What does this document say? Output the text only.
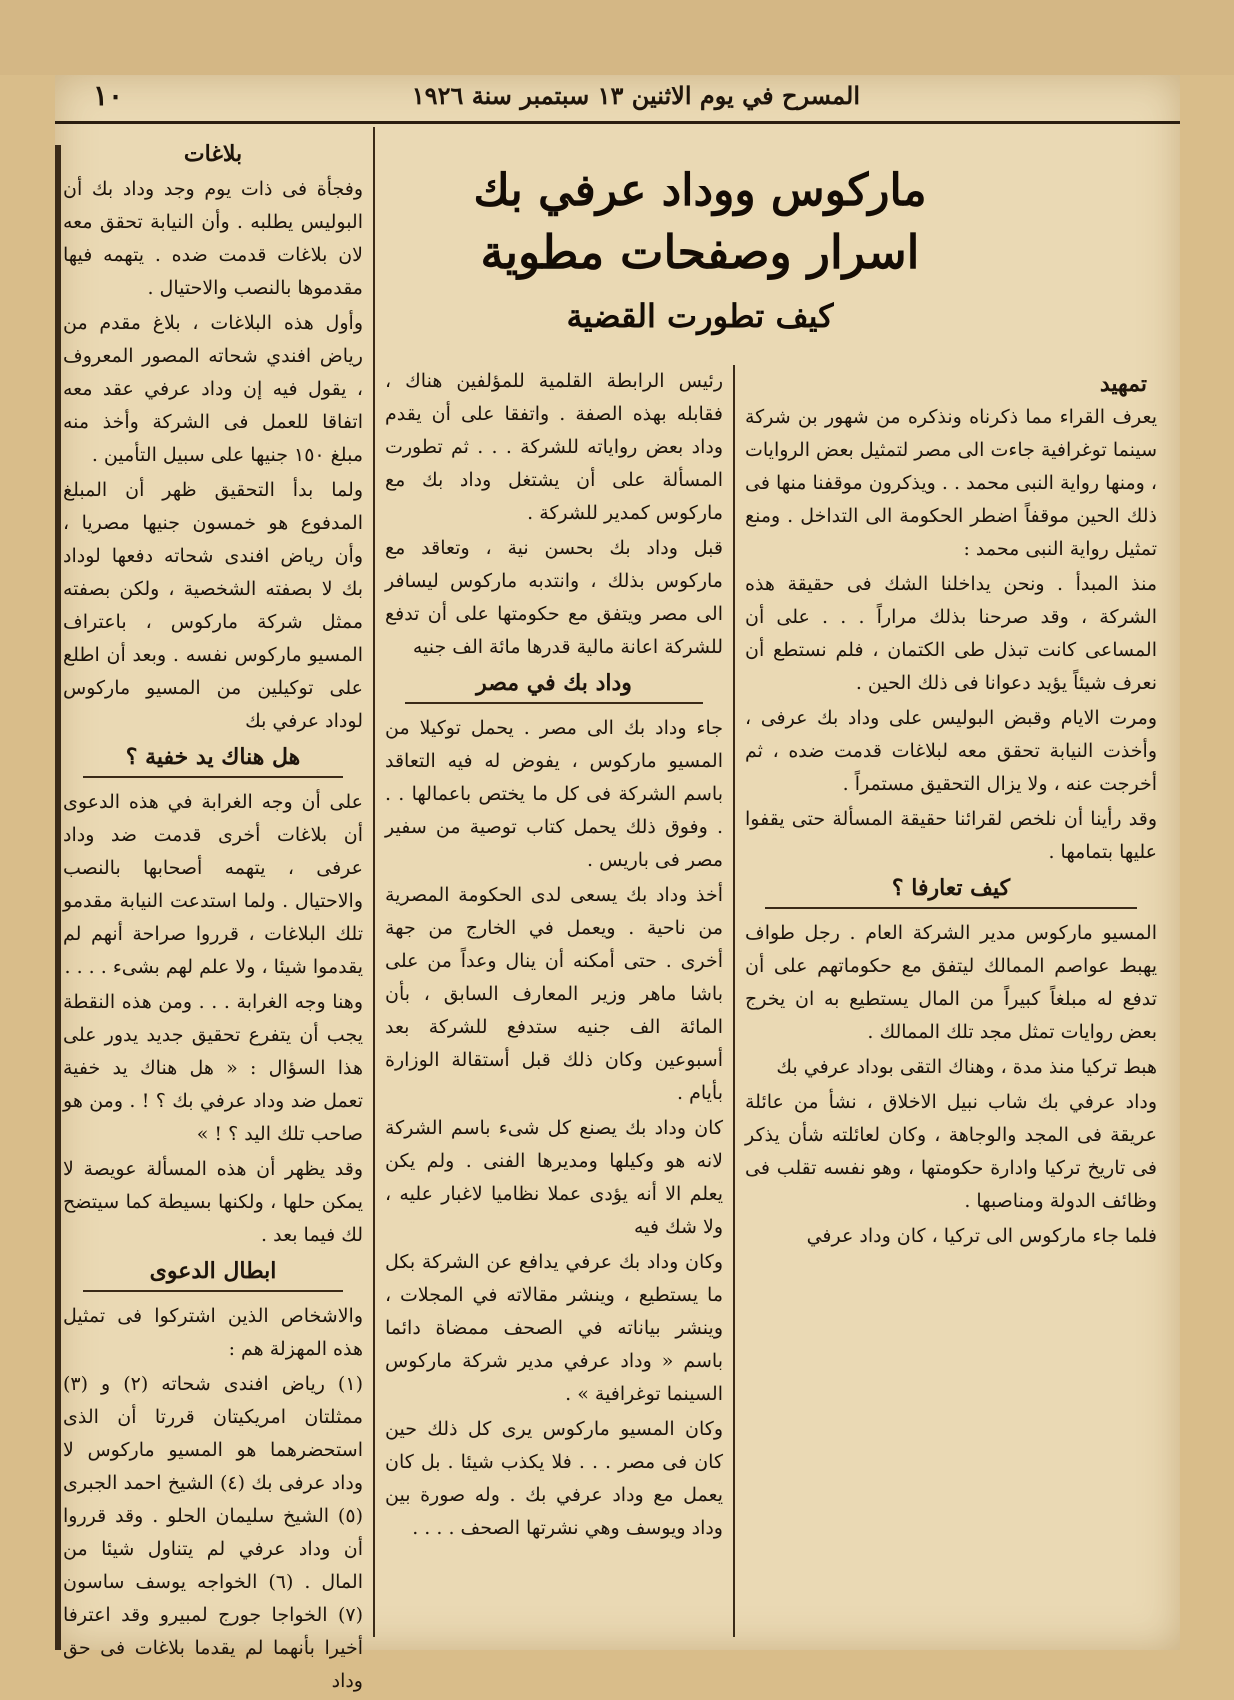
المسرح في يوم الاثنين ١٣ سبتمبر سنة ١٩٢٦
١٠
ماركوس ووداد عرفي بك
اسرار وصفحات مطوية
كيف تطورت القضية
تمهيد

يعرف القراء مما ذكرناه ونذكره من شهور بن شركة سينما توغرافية جاءت الى مصر لتمثيل بعض الروايات ، ومنها رواية النبى محمد . . ويذكرون موقفنا منها فى ذلك الحين موقفاً اضطر الحكومة الى التداخل . ومنع تمثيل رواية النبى محمد :

منذ المبدأ . ونحن يداخلنا الشك فى حقيقة هذه الشركة ، وقد صرحنا بذلك مراراً . . . على أن المساعى كانت تبذل طى الكتمان ، فلم نستطع أن نعرف شيئاً يؤيد دعوانا فى ذلك الحين .

ومرت الايام وقبض البوليس على وداد بك عرفى ، وأخذت النيابة تحقق معه لبلاغات قدمت ضده ، ثم أخرجت عنه ، ولا يزال التحقيق مستمراً .

وقد رأينا أن نلخص لقرائنا حقيقة المسألة حتى يقفوا عليها بتمامها .

كيف تعارفا ؟

المسيو ماركوس مدير الشركة العام . رجل طواف يهبط عواصم الممالك ليتفق مع حكوماتهم على أن تدفع له مبلغاً كبيراً من المال يستطيع به ان يخرج بعض روايات تمثل مجد تلك الممالك .

هبط تركيا منذ مدة ، وهناك التقى بوداد عرفي بك

وداد عرفي بك شاب نبيل الاخلاق ، نشأ من عائلة عريقة فى المجد والوجاهة ، وكان لعائلته شأن يذكر فى تاريخ تركيا وادارة حكومتها ، وهو نفسه تقلب فى وظائف الدولة ومناصبها .

فلما جاء ماركوس الى تركيا ، كان وداد عرفي

رئيس الرابطة القلمية للمؤلفين هناك ، فقابله بهذه الصفة . واتفقا على أن يقدم وداد بعض رواياته للشركة . . . ثم تطورت المسألة على أن يشتغل وداد بك مع ماركوس كمدير للشركة .

قبل وداد بك بحسن نية ، وتعاقد مع ماركوس بذلك ، وانتدبه ماركوس ليسافر الى مصر ويتفق مع حكومتها على أن تدفع للشركة اعانة مالية قدرها مائة الف جنيه

وداد بك في مصر

جاء وداد بك الى مصر . يحمل توكيلا من المسيو ماركوس ، يفوض له فيه التعاقد باسم الشركة فى كل ما يختص باعمالها . . . وفوق ذلك يحمل كتاب توصية من سفير مصر فى باريس .

أخذ وداد بك يسعى لدى الحكومة المصرية من ناحية . ويعمل في الخارج من جهة أخرى . حتى أمكنه أن ينال وعداً من على باشا ماهر وزير المعارف السابق ، بأن المائة الف جنيه ستدفع للشركة بعد أسبوعين وكان ذلك قبل أستقالة الوزارة بأيام .

كان وداد بك يصنع كل شىء باسم الشركة لانه هو وكيلها ومديرها الفنى . ولم يكن يعلم الا أنه يؤدى عملا نظاميا لاغبار عليه ، ولا شك فيه

وكان وداد بك عرفي يدافع عن الشركة بكل ما يستطيع ، وينشر مقالاته في المجلات ، وينشر بياناته في الصحف ممضاة دائما باسم « وداد عرفي مدير شركة ماركوس السينما توغرافية » .

وكان المسيو ماركوس يرى كل ذلك حين كان فى مصر . . . فلا يكذب شيئا . بل كان يعمل مع وداد عرفي بك . وله صورة بين وداد ويوسف وهي نشرتها الصحف . . . .

بلاغات

وفجأة فى ذات يوم وجد وداد بك أن البوليس يطلبه . وأن النيابة تحقق معه لان بلاغات قدمت ضده . يتهمه فيها مقدموها بالنصب والاحتيال .

وأول هذه البلاغات ، بلاغ مقدم من رياض افندي شحاته المصور المعروف ، يقول فيه إن وداد عرفي عقد معه اتفاقا للعمل فى الشركة وأخذ منه مبلغ ١٥٠ جنيها على سبيل التأمين .

ولما بدأ التحقيق ظهر أن المبلغ المدفوع هو خمسون جنيها مصريا ، وأن رياض افندى شحاته دفعها لوداد بك لا بصفته الشخصية ، ولكن بصفته ممثل شركة ماركوس ، باعتراف المسيو ماركوس نفسه . وبعد أن اطلع على توكيلين من المسيو ماركوس لوداد عرفي بك

هل هناك يد خفية ؟

على أن وجه الغرابة في هذه الدعوى أن بلاغات أخرى قدمت ضد وداد عرفى ، يتهمه أصحابها بالنصب والاحتيال . ولما استدعت النيابة مقدمو تلك البلاغات ، قرروا صراحة أنهم لم يقدموا شيئا ، ولا علم لهم بشىء . . . .

وهنا وجه الغرابة . . . ومن هذه النقطة يجب أن يتفرع تحقيق جديد يدور على هذا السؤال : « هل هناك يد خفية تعمل ضد وداد عرفي بك ؟ ! . ومن هو صاحب تلك اليد ؟ ! »

وقد يظهر أن هذه المسألة عويصة لا يمكن حلها ، ولكنها بسيطة كما سيتضح لك فيما بعد .

ابطال الدعوى

والاشخاص الذين اشتركوا فى تمثيل هذه المهزلة هم :

(١) رياض افندى شحاته (٢) و (٣) ممثلتان امريكيتان قررتا أن الذى استحضرهما هو المسيو ماركوس لا وداد عرفى بك (٤) الشيخ احمد الجبرى (٥) الشيخ سليمان الحلو . وقد قرروا أن وداد عرفي لم يتناول شيئا من المال . (٦) الخواجه يوسف ساسون (٧) الخواجا جورج لمبيرو وقد اعترفا أخيرا بأنهما لم يقدما بلاغات فى حق وداد
